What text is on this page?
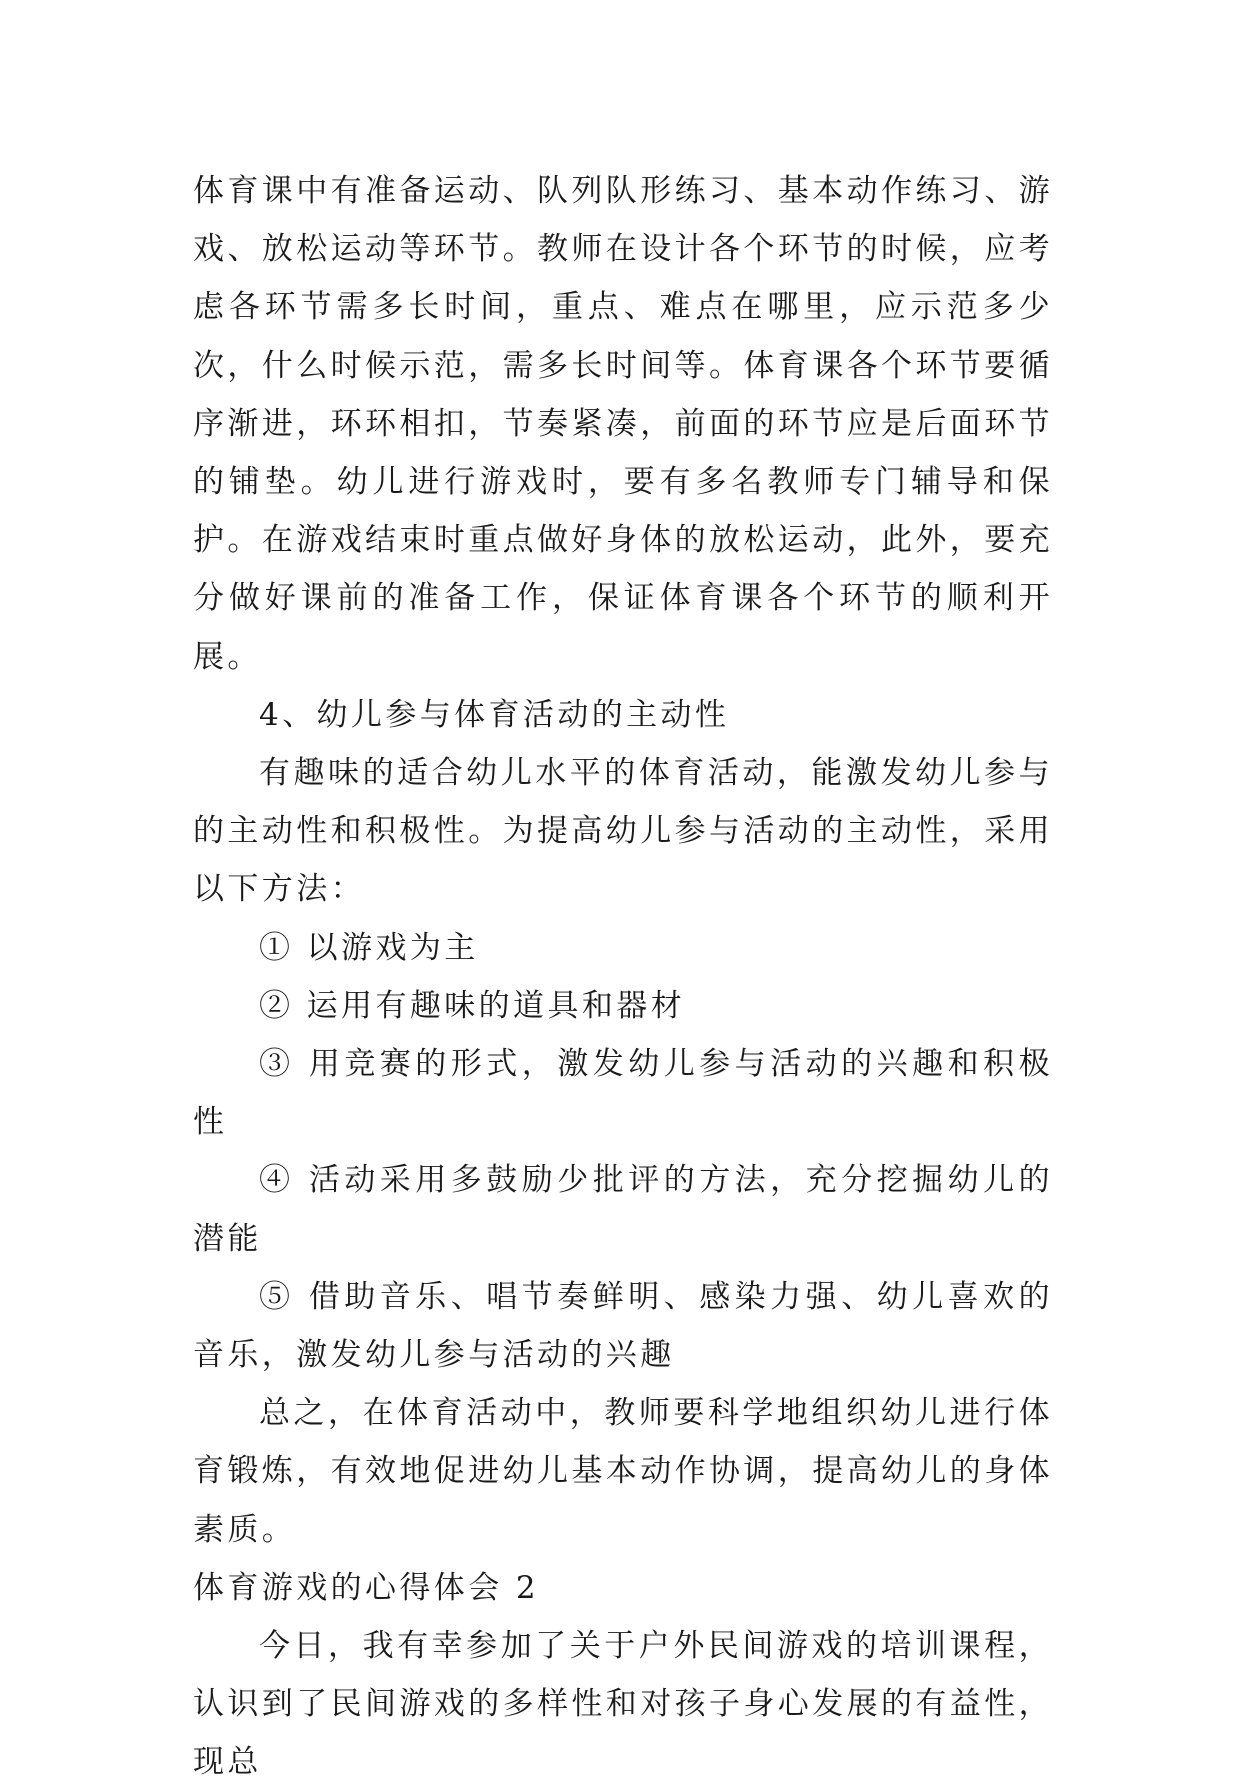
体育课中有准备运动、队列队形练习、基本动作练习、游戏、放松运动等环节。教师在设计各个环节的时候，应考虑各环节需多长时间，重点、难点在哪里，应示范多少次，什么时候示范，需多长时间等。体育课各个环节要循序渐进，环环相扣，节奏紧凑，前面的环节应是后面环节的铺垫。幼儿进行游戏时，要有多名教师专门辅导和保护。在游戏结束时重点做好身体的放松运动，此外，要充分做好课前的准备工作，保证体育课各个环节的顺利开展。

4、幼儿参与体育活动的主动性

有趣味的适合幼儿水平的体育活动，能激发幼儿参与的主动性和积极性。为提高幼儿参与活动的主动性，采用以下方法：

① 以游戏为主

② 运用有趣味的道具和器材

③ 用竞赛的形式，激发幼儿参与活动的兴趣和积极性

④ 活动采用多鼓励少批评的方法，充分挖掘幼儿的潜能

⑤ 借助音乐、唱节奏鲜明、感染力强、幼儿喜欢的音乐，激发幼儿参与活动的兴趣

总之，在体育活动中，教师要科学地组织幼儿进行体育锻炼，有效地促进幼儿基本动作协调，提高幼儿的身体素质。

体育游戏的心得体会 2

今日，我有幸参加了关于户外民间游戏的培训课程，认识到了民间游戏的多样性和对孩子身心发展的有益性，现总
